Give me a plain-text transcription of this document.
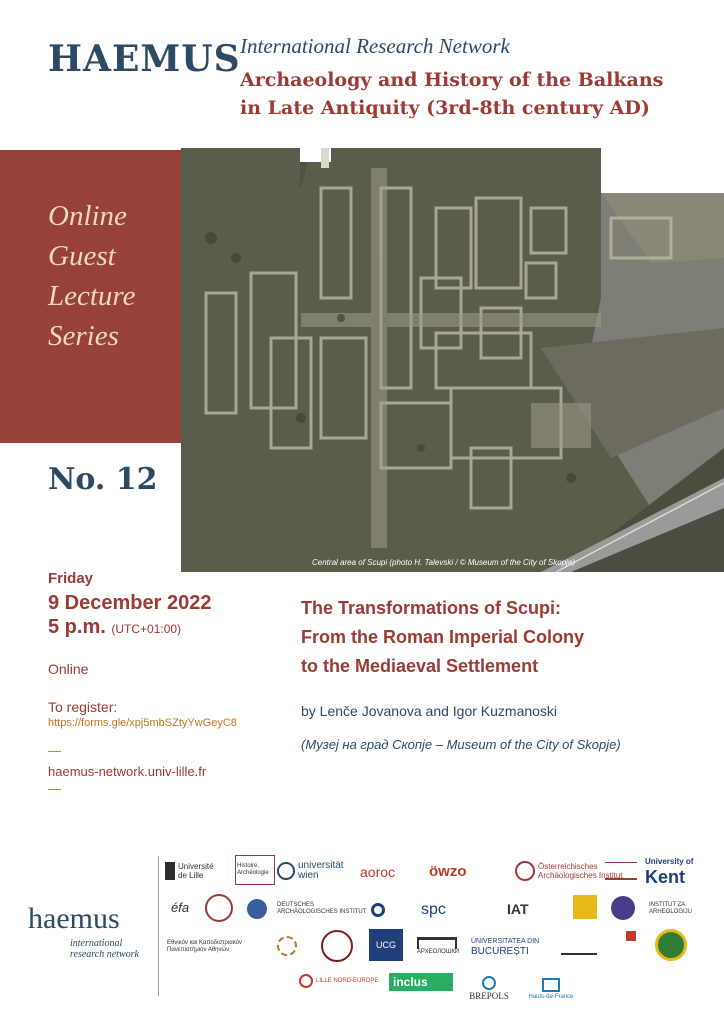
HAEMUS International Research Network
Archaeology and History of the Balkans
in Late Antiquity (3rd-8th century AD)
Online
Guest
Lecture
Series
Central area of Scupi (photo H. Talevski / © Museum of the City of Skopje)
No. 12
Friday
9 December 2022
5 p.m. (UTC+01:00)
Online
To register:
https://forms.gle/xpj5mbSZtyYwGeyC8
—
haemus-network.univ-lille.fr
—
The Transformations of Scupi:
From the Roman Imperial Colony
to the Mediaeval Settlement
by Lenče Jovanova and Igor Kuzmanoski
(Музеј на град Скопје – Museum of the City of Skopje)
haemus
international
research network
Université
de Lille
Histoire,
Archéologie
universität
wien	aoroc öwzo	Österreichisches
Archäologisches Institut
University of
Kent
éfa	DEUTSCHES
ARCHÄOLOGISCHES INSTITUT	spc	IAT	INSTITUT ZA
ARHEOLOGIJU
Εθνικόν και Καποδιστριακόν
Πανεπιστήμιον Αθηνών
UCG
АРХЕОЛОШКИ
UNIVERSITATEA DIN
BUCUREȘTI
LILLE NORD-EUROPE inclus
BREPOLS	Hauts-de-France
